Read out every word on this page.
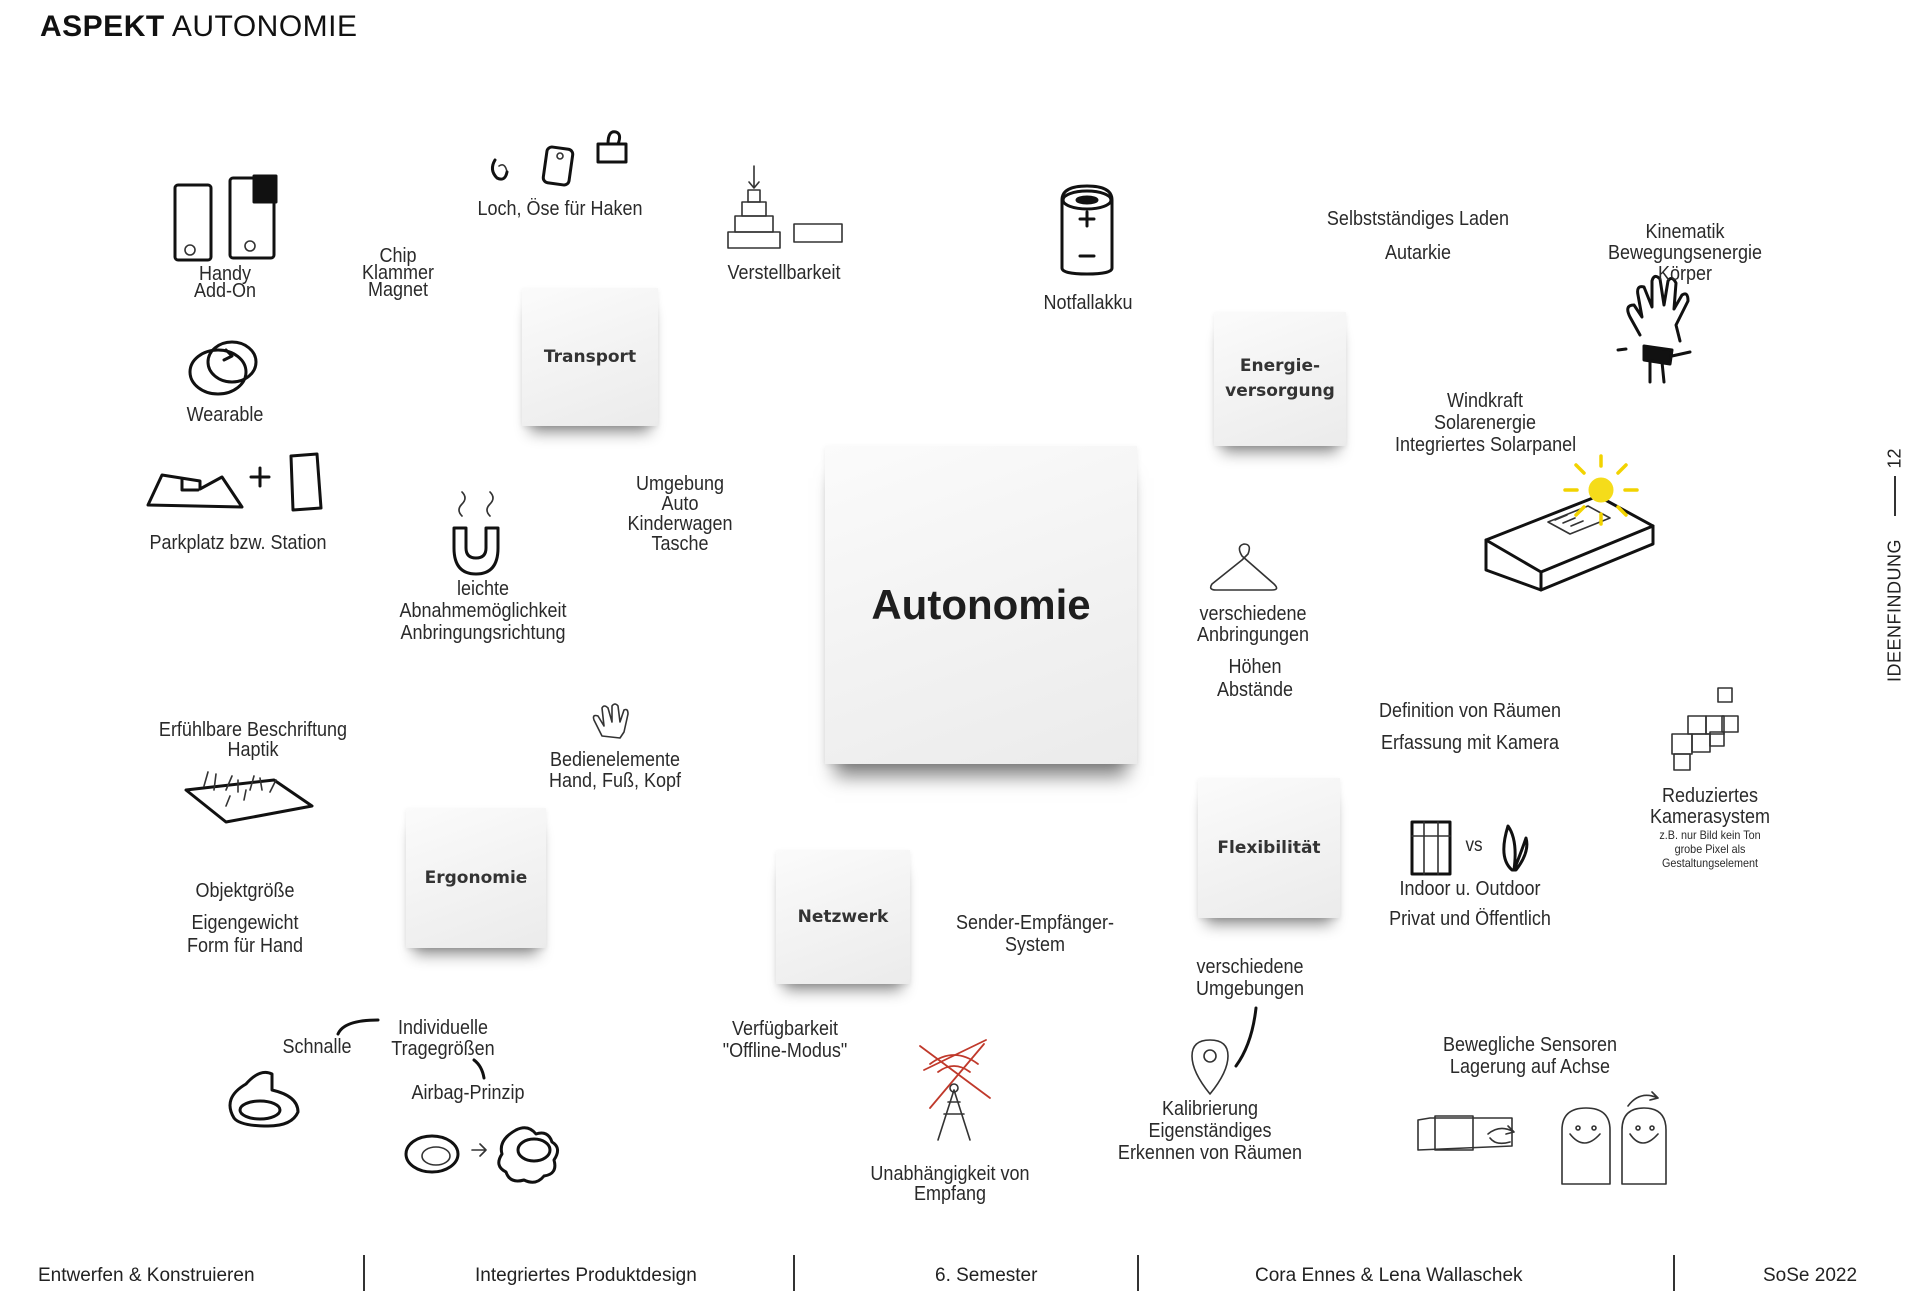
ASPEKT AUTONOMIE
Autonomie
Transport	Energie-
versorgung
Ergonomie
Netzwerk
Flexibilität
Handy
Add-On
Chip
Klammer
Magnet
Loch, Öse für Haken
Verstellbarkeit
Notfallakku
Selbstständiges Laden
Autarkie
Kinematik
Bewegungsenergie
Körper
Wearable
Windkraft
Solarenergie
Integriertes Solarpanel
Parkplatz bzw. Station
Umgebung
Auto
Kinderwagen
Tasche
leichte
Abnahmemöglichkeit
Anbringungsrichtung
verschiedene
Anbringungen
Höhen
Abstände
Definition von Räumen
Erfassung mit Kamera
Erfühlbare Beschriftung
Haptik	Bedienelemente
Hand, Fuß, Kopf
Reduziertes
Kamerasystem
z.B. nur Bild kein Ton
grobe Pixel als
Gestaltungselement
vs
Indoor u. Outdoor
Privat und Öffentlich
Objektgröße
Eigengewicht
Form für Hand
Sender-Empfänger-
System
verschiedene
Umgebungen
Schnalle
Individuelle
Tragegrößen
Airbag-Prinzip
Verfügbarkeit
"Offline-Modus"	Bewegliche Sensoren
Lagerung auf Achse
Kalibrierung
Eigenständiges
Erkennen von Räumen
Unabhängigkeit von
Empfang
12
IDEENFINDUNG
Entwerfen & Konstruieren	Integriertes Produktdesign	6. Semester	Cora Ennes & Lena Wallaschek	SoSe 2022
